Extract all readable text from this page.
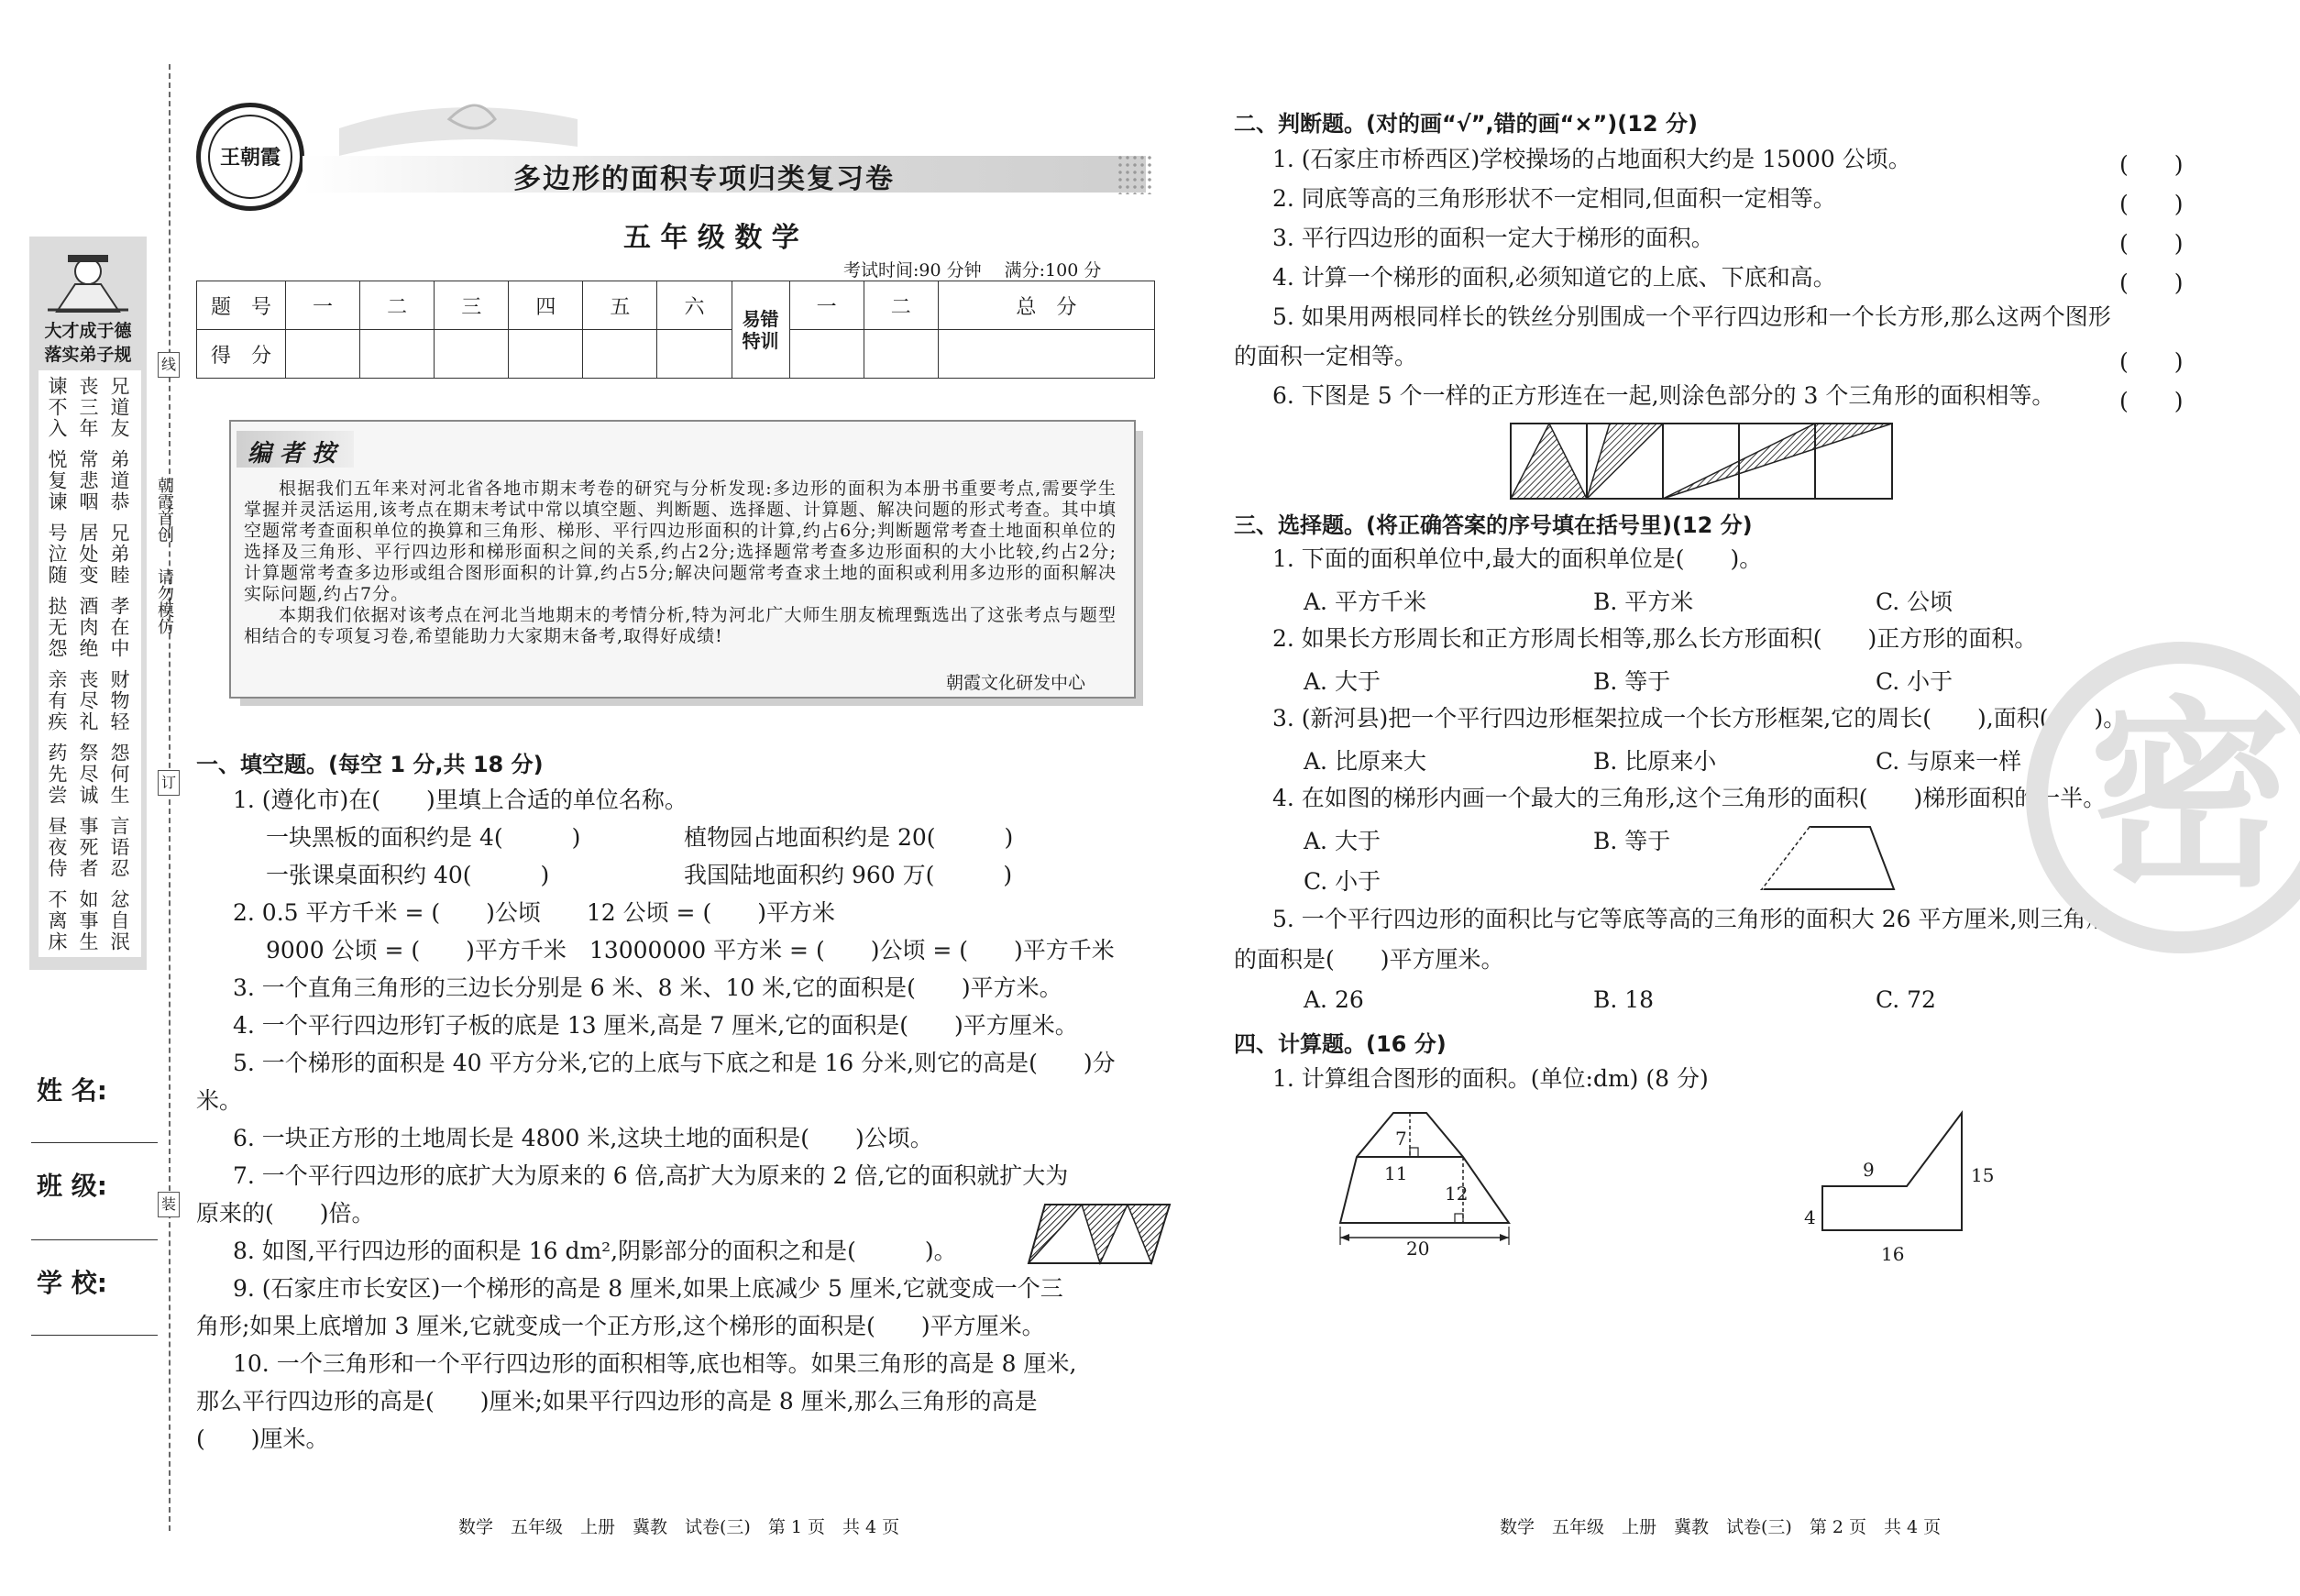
朝霞首创
请勿模仿
线
订
装
大才成于德
落实弟子规
兄道友
丧三年
谏不入
弟道恭
常悲咽
悦复谏
兄弟睦
居处变
号泣随
孝在中
酒肉绝
挞无怨
财物轻
丧尽礼
亲有疾
怨何生
祭尽诚
药先尝
言语忍
事死者
昼夜侍
忿自泯
如事生
不离床
姓 名:
班 级:
学 校:
王朝霞
多边形的面积专项归类复习卷
五 年 级 数 学
考试时间:90 分钟　 满分:100 分
题　号	一	二	三	四	五	六	易错特训	一	二	总　分
得　分										
编 者 按
根据我们五年来对河北省各地市期末考卷的研究与分析发现:多边形的面积为本册书重要考点,需要学生掌握并灵活运用,该考点在期末考试中常以填空题、判断题、选择题、计算题、解决问题的形式考查。其中填空题常考查面积单位的换算和三角形、梯形、平行四边形面积的计算,约占6分;判断题常考查土地面积单位的选择及三角形、平行四边形和梯形面积之间的关系,约占2分;选择题常考查多边形面积的大小比较,约占2分;计算题常考查多边形或组合图形面积的计算,约占5分;解决问题常考查求土地的面积或利用多边形的面积解决实际问题,约占7分。
本期我们依据对该考点在河北当地期末的考情分析,特为河北广大师生朋友梳理甄选出了这张考点与题型相结合的专项复习卷,希望能助力大家期末备考,取得好成绩!
朝霞文化研发中心
一、填空题。(每空 1 分,共 18 分)
1. (遵化市)在(　　)里填上合适的单位名称。
一块黑板的面积约是 4(　　　)	植物园占地面积约是 20(　　　)
一张课桌面积约 40(　　　)	我国陆地面积约 960 万(　　　)
2. 0.5 平方千米 = (　　)公顷　　12 公顷 = (　　)平方米
9000 公顷 = (　　)平方千米　13000000 平方米 = (　　)公顷 = (　　)平方千米
3. 一个直角三角形的三边长分别是 6 米、8 米、10 米,它的面积是(　　)平方米。
4. 一个平行四边形钉子板的底是 13 厘米,高是 7 厘米,它的面积是(　　)平方厘米。
5. 一个梯形的面积是 40 平方分米,它的上底与下底之和是 16 分米,则它的高是(　　)分
米。
6. 一块正方形的土地周长是 4800 米,这块土地的面积是(　　)公顷。
7. 一个平行四边形的底扩大为原来的 6 倍,高扩大为原来的 2 倍,它的面积就扩大为
原来的(　　)倍。
8. 如图,平行四边形的面积是 16 dm²,阴影部分的面积之和是(　　　)。
9. (石家庄市长安区)一个梯形的高是 8 厘米,如果上底减少 5 厘米,它就变成一个三
角形;如果上底增加 3 厘米,它就变成一个正方形,这个梯形的面积是(　　)平方厘米。
10. 一个三角形和一个平行四边形的面积相等,底也相等。如果三角形的高是 8 厘米,
那么平行四边形的高是(　　)厘米;如果平行四边形的高是 8 厘米,那么三角形的高是
(　　)厘米。
数学　五年级　上册　冀教　试卷(三)　第 1 页　共 4 页
二、判断题。(对的画“√”,错的画“×”)(12 分)
1. (石家庄市桥西区)学校操场的占地面积大约是 15000 公顷。	(　　)
2. 同底等高的三角形形状不一定相同,但面积一定相等。	(　　)
3. 平行四边形的面积一定大于梯形的面积。	(　　)
4. 计算一个梯形的面积,必须知道它的上底、下底和高。	(　　)
5. 如果用两根同样长的铁丝分别围成一个平行四边形和一个长方形,那么这两个图形
的面积一定相等。	(　　)
6. 下图是 5 个一样的正方形连在一起,则涂色部分的 3 个三角形的面积相等。	(　　)
三、选择题。(将正确答案的序号填在括号里)(12 分)
1. 下面的面积单位中,最大的面积单位是(　　)。
A. 平方千米	B. 平方米	C. 公顷
2. 如果长方形周长和正方形周长相等,那么长方形面积(　　)正方形的面积。
A. 大于	B. 等于	C. 小于
3. (新河县)把一个平行四边形框架拉成一个长方形框架,它的周长(　　),面积(　　)。
A. 比原来大	B. 比原来小	C. 与原来一样
4. 在如图的梯形内画一个最大的三角形,这个三角形的面积(　　)梯形面积的一半。
A. 大于	B. 等于
C. 小于
5. 一个平行四边形的面积比与它等底等高的三角形的面积大 26 平方厘米,则三角形
的面积是(　　)平方厘米。
A. 26	B. 18	C. 72
四、计算题。(16 分)
1. 计算组合图形的面积。(单位:dm) (8 分)
7
11
12
20
9	15
4
16
密
数学　五年级　上册　冀教　试卷(三)　第 2 页　共 4 页
